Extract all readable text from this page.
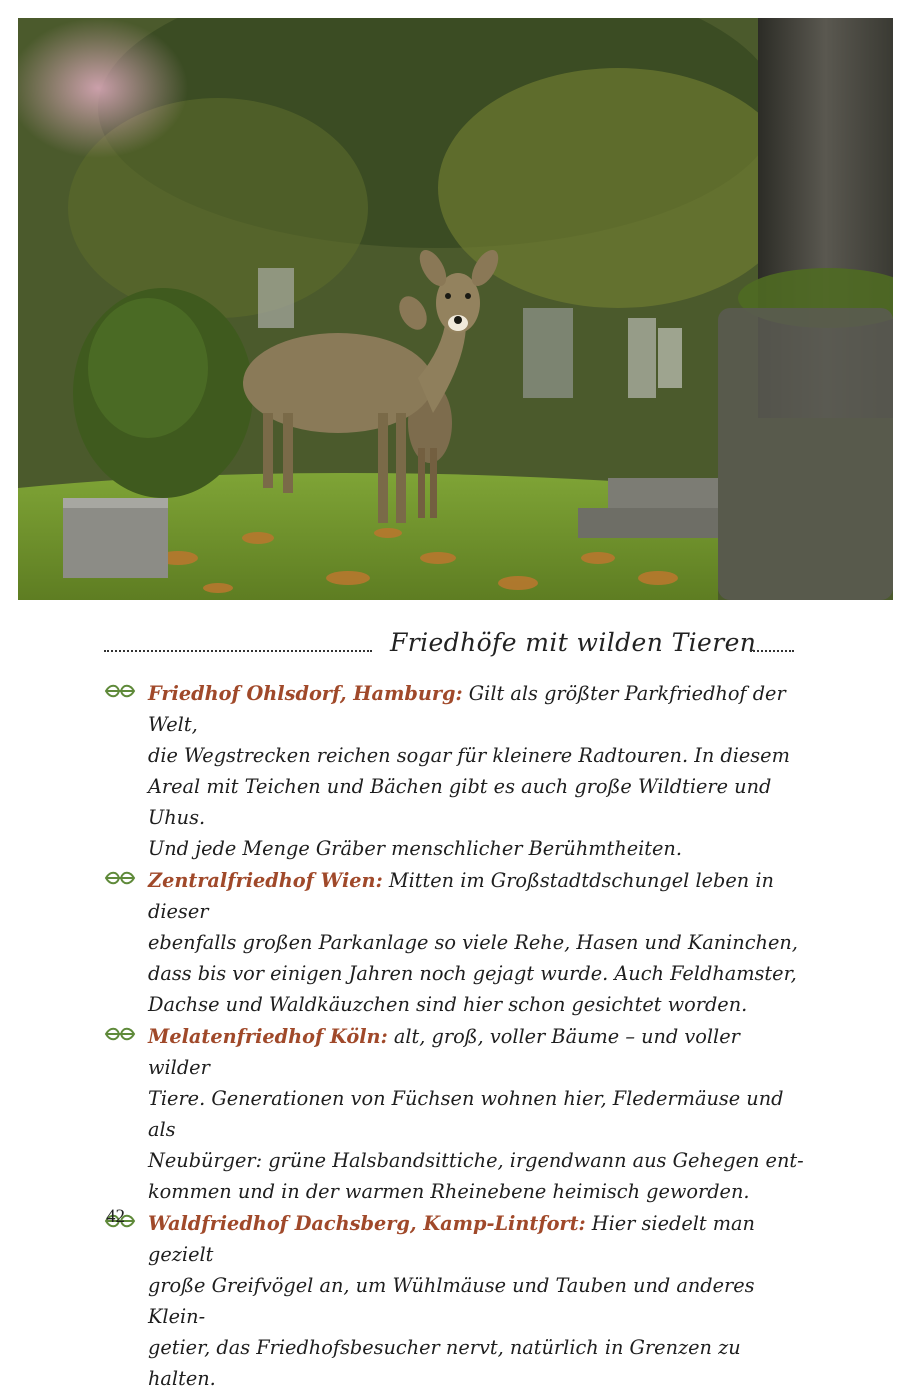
Friedhöfe mit wilden Tieren

Friedhof Ohlsdorf, Hamburg: Gilt als größter Parkfriedhof der Welt,
die Wegstrecken reichen sogar für kleinere Radtouren. In diesem
Areal mit Teichen und Bächen gibt es auch große Wildtiere und Uhus.
Und jede Menge Gräber menschlicher Berühmtheiten.

Zentralfriedhof Wien: Mitten im Großstadtdschungel leben in dieser
ebenfalls großen Parkanlage so viele Rehe, Hasen und Kaninchen,
dass bis vor einigen Jahren noch gejagt wurde. Auch Feldhamster,
Dachse und Waldkäuzchen sind hier schon gesichtet worden.

Melatenfriedhof Köln: alt, groß, voller Bäume – und voller wilder
Tiere. Generationen von Füchsen wohnen hier, Fledermäuse und als
Neubürger: grüne Halsbandsittiche, irgendwann aus Gehegen ent-
kommen und in der warmen Rheinebene heimisch geworden.

Waldfriedhof Dachsberg, Kamp-Lintfort: Hier siedelt man gezielt
große Greifvögel an, um Wühlmäuse und Tauben und anderes Klein-
getier, das Friedhofsbesucher nervt, natürlich in Grenzen zu halten.

42
